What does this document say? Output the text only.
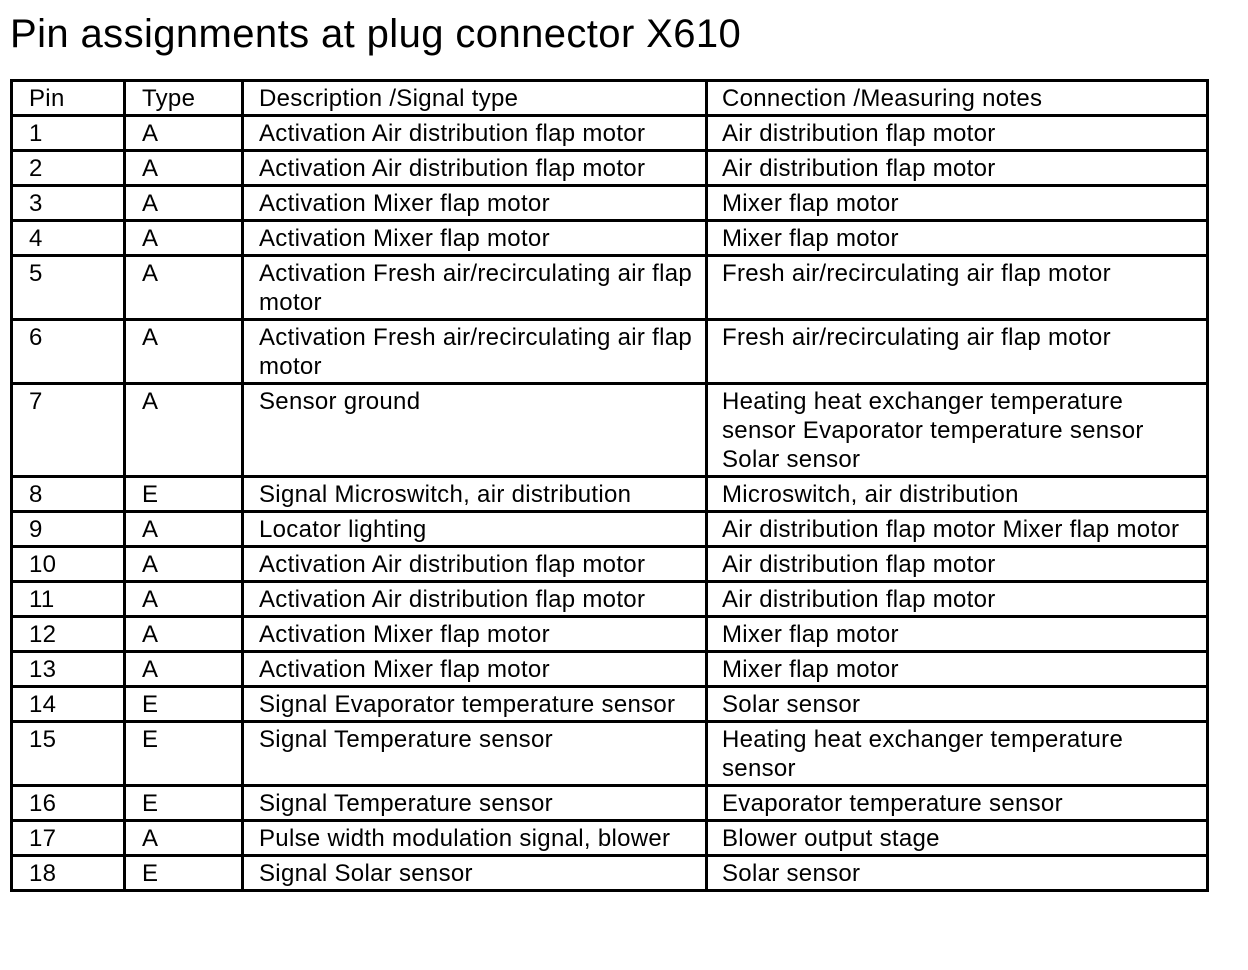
Pin assignments at plug connector X610
Pin	Type	Description /Signal type	Connection /Measuring notes
1	A	Activation Air distribution flap motor	Air distribution flap motor
2	A	Activation Air distribution flap motor	Air distribution flap motor
3	A	Activation Mixer flap motor	Mixer flap motor
4	A	Activation Mixer flap motor	Mixer flap motor
5	A	Activation Fresh air/recirculating air flap motor	Fresh air/recirculating air flap motor
6	A	Activation Fresh air/recirculating air flap motor	Fresh air/recirculating air flap motor
7	A	Sensor ground	Heating heat exchanger temperature sensor Evaporator temperature sensor Solar sensor
8	E	Signal Microswitch, air distribution	Microswitch, air distribution
9	A	Locator lighting	Air distribution flap motor Mixer flap motor
10	A	Activation Air distribution flap motor	Air distribution flap motor
11	A	Activation Air distribution flap motor	Air distribution flap motor
12	A	Activation Mixer flap motor	Mixer flap motor
13	A	Activation Mixer flap motor	Mixer flap motor
14	E	Signal Evaporator temperature sensor	Solar sensor
15	E	Signal Temperature sensor	Heating heat exchanger temperature sensor
16	E	Signal Temperature sensor	Evaporator temperature sensor
17	A	Pulse width modulation signal, blower	Blower output stage
18	E	Signal Solar sensor	Solar sensor
